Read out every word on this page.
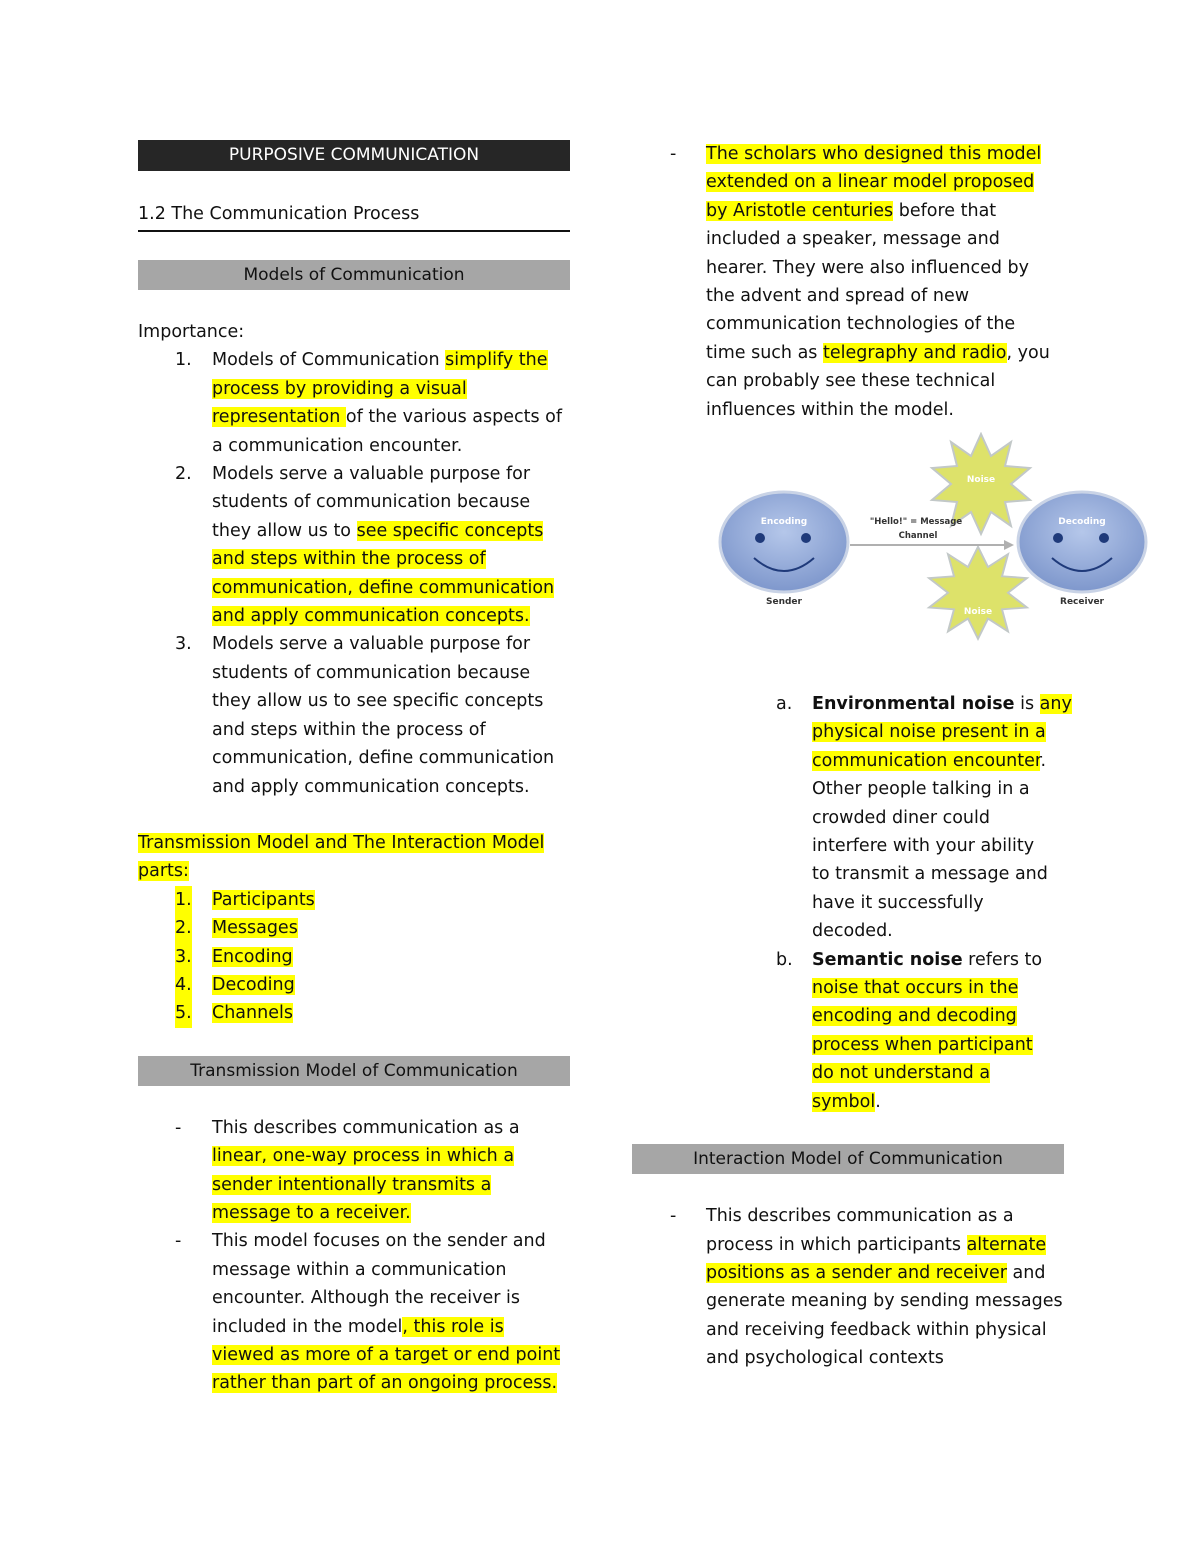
PURPOSIVE COMMUNICATION
1.2 The Communication Process
Models of Communication
Importance:
1. Models of Communication simplify the
process by providing a visual
representation of the various aspects of
a communication encounter.
2. Models serve a valuable purpose for
students of communication because
they allow us to see specific concepts
and steps within the process of
communication, define communication
and apply communication concepts.
3. Models serve a valuable purpose for
students of communication because
they allow us to see specific concepts
and steps within the process of
communication, define communication
and apply communication concepts.
Transmission Model and The Interaction Model
parts:
1. Participants
2. Messages
3. Encoding
4. Decoding
5. Channels
Transmission Model of Communication
- This describes communication as a
linear, one-way process in which a
sender intentionally transmits a
message to a receiver.
- This model focuses on the sender and
message within a communication
encounter. Although the receiver is
included in the model, this role is
viewed as more of a target or end point
rather than part of an ongoing process.
- The scholars who designed this model
extended on a linear model proposed
by Aristotle centuries before that
included a speaker, message and
hearer. They were also influenced by
the advent and spread of new
communication technologies of the
time such as telegraphy and radio, you
can probably see these technical
influences within the model.
Noise
Noise
Encoding
Sender
Decoding
Receiver
"Hello!" = Message
Channel
a. Environmental noise is any
physical noise present in a
communication encounter.
Other people talking in a
crowded diner could
interfere with your ability
to transmit a message and
have it successfully
decoded.
b. Semantic noise refers to
noise that occurs in the
encoding and decoding
process when participant
do not understand a
symbol.
Interaction Model of Communication
- This describes communication as a
process in which participants alternate
positions as a sender and receiver and
generate meaning by sending messages
and receiving feedback within physical
and psychological contexts
